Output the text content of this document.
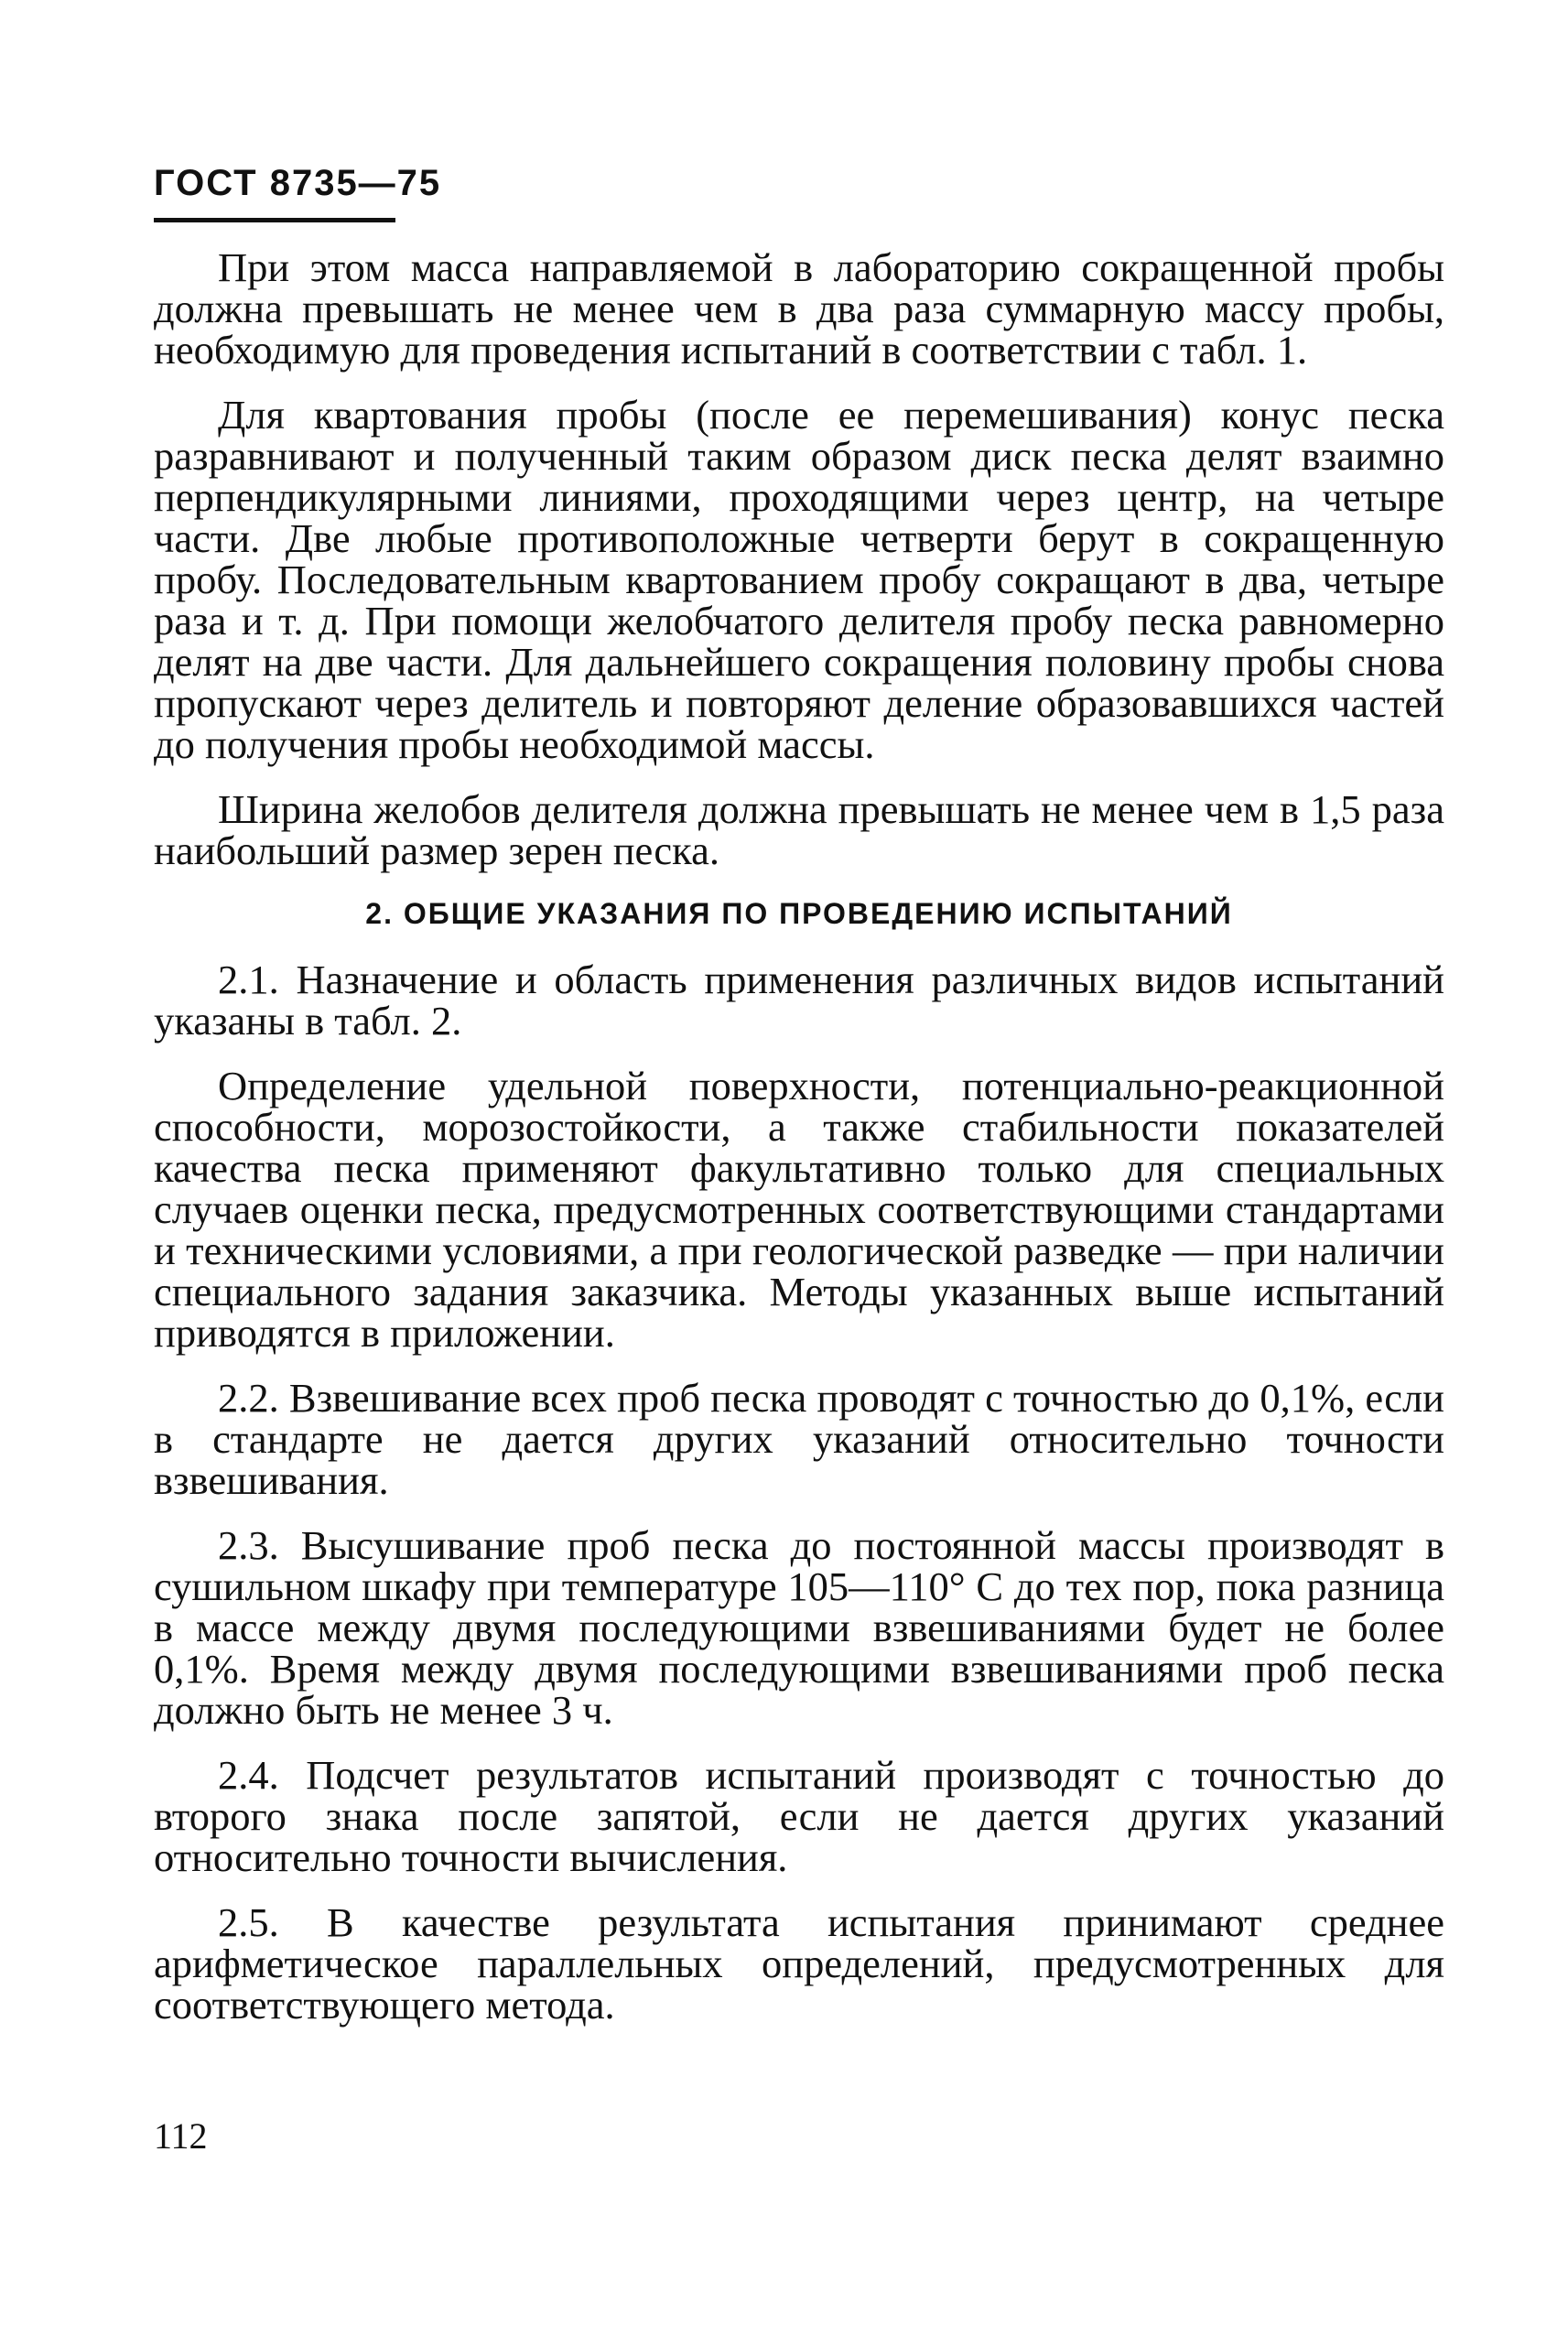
ГОСТ 8735—75

При этом масса направляемой в лабораторию сокращенной пробы должна превышать не менее чем в два раза суммарную массу пробы, необходимую для проведения испытаний в соответствии с табл. 1.

Для квартования пробы (после ее перемешивания) конус песка разравнивают и полученный таким образом диск песка делят взаимно перпендикулярными линиями, проходящими через центр, на четыре части. Две любые противоположные четверти берут в сокращенную пробу. Последовательным квартованием пробу сокращают в два, четыре раза и т. д. При помощи желобчатого делителя пробу песка равномерно делят на две части. Для дальнейшего сокращения половину пробы снова пропускают через делитель и повторяют деление образовавшихся частей до получения пробы необходимой массы.

Ширина желобов делителя должна превышать не менее чем в 1,5 раза наибольший размер зерен песка.

2. ОБЩИЕ УКАЗАНИЯ ПО ПРОВЕДЕНИЮ ИСПЫТАНИЙ

2.1. Назначение и область применения различных видов испытаний указаны в табл. 2.

Определение удельной поверхности, потенциально-реакционной способности, морозостойкости, а также стабильности показателей качества песка применяют факультативно только для специальных случаев оценки песка, предусмотренных соответствующими стандартами и техническими условиями, а при геологической разведке — при наличии специального задания заказчика. Методы указанных выше испытаний приводятся в приложении.

2.2. Взвешивание всех проб песка проводят с точностью до 0,1%, если в стандарте не дается других указаний относительно точности взвешивания.

2.3. Высушивание проб песка до постоянной массы производят в сушильном шкафу при температуре 105—110° С до тех пор, пока разница в массе между двумя последующими взвешиваниями будет не более 0,1%. Время между двумя последующими взвешиваниями проб песка должно быть не менее 3 ч.

2.4. Подсчет результатов испытаний производят с точностью до второго знака после запятой, если не дается других указаний относительно точности вычисления.

2.5. В качестве результата испытания принимают среднее арифметическое параллельных определений, предусмотренных для соответствующего метода.

112
